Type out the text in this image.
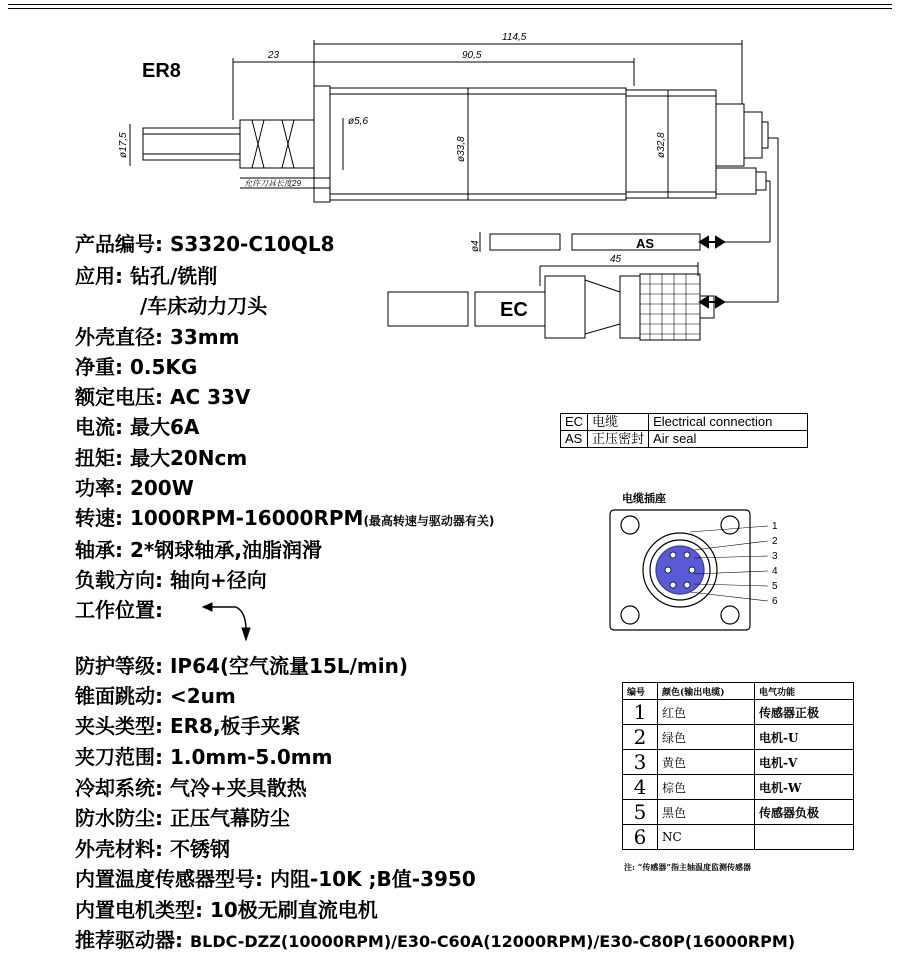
ER8
114,5
90,5
23
ø17,5
ø5,6
ø33,8	ø32,8
允许刀具长度29
ø4
45
AS
EC
1
2
3
4
5
6
产品编号: S3320-C10QL8
应用: 钻孔/铣削
/车床动力刀头
外壳直径: 33mm
净重: 0.5KG
额定电压: AC 33V
电流: 最大6A
扭矩: 最大20Ncm
功率: 200W
转速: 1000RPM-16000RPM(最高转速与驱动器有关)
轴承: 2*钢球轴承,油脂润滑
负载方向: 轴向+径向
工作位置:
防护等级: IP64(空气流量15L/min)
锥面跳动: <2um
夹头类型: ER8,板手夹紧
夹刀范围: 1.0mm-5.0mm
冷却系统: 气冷+夹具散热
防水防尘: 正压气幕防尘
外壳材料: 不锈钢
内置温度传感器型号: 内阻-10K ;B值-3950
内置电机类型: 10极无刷直流电机
推荐驱动器: BLDC-DZZ(10000RPM)/E30-C60A(12000RPM)/E30-C80P(16000RPM)
EC	电缆	Electrical connection
AS	正压密封	Air seal
电缆插座
编号	颜色(输出电缆)	电气功能
1	红色	传感器正极
2	绿色	电机-U
3	黄色	电机-V
4	棕色	电机-W
5	黑色	传感器负极
6	NC	
注: “传感器”指主轴温度监测传感器
